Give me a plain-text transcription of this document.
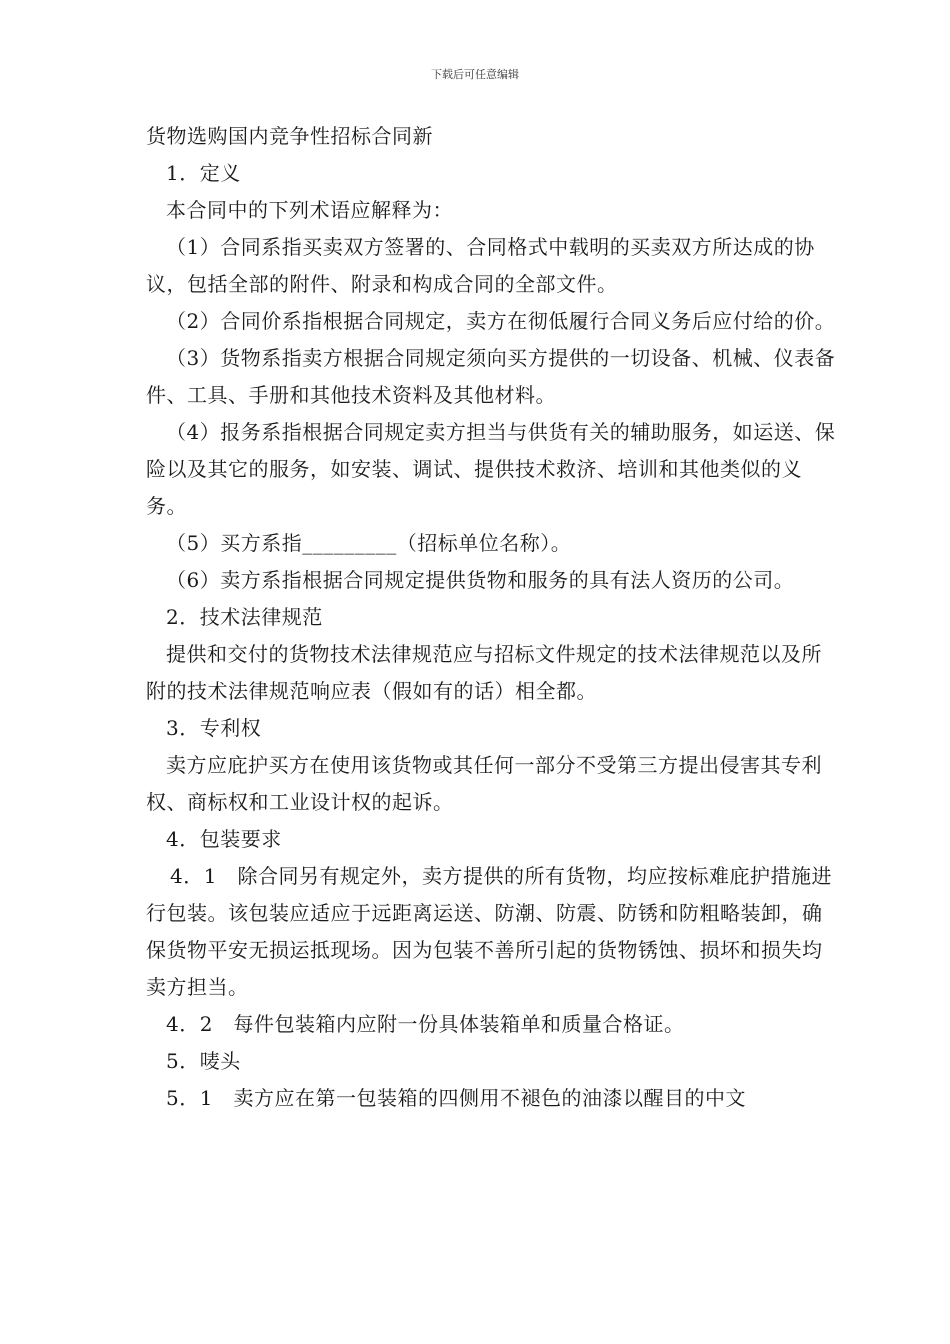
下载后可任意编辑

货物选购国内竞争性招标合同新

1．定义

本合同中的下列术语应解释为：

（1）合同系指买卖双方签署的、合同格式中载明的买卖双方所达成的协议，包括全部的附件、附录和构成合同的全部文件。

（2）合同价系指根据合同规定，卖方在彻低履行合同义务后应付给的价。

（3）货物系指卖方根据合同规定须向买方提供的一切设备、机械、仪表备件、工具、手册和其他技术资料及其他材料。

（4）报务系指根据合同规定卖方担当与供货有关的辅助服务，如运送、保险以及其它的服务，如安装、调试、提供技术救济、培训和其他类似的义务。

（5）买方系指_________（招标单位名称）。

（6）卖方系指根据合同规定提供货物和服务的具有法人资历的公司。

2．技术法律规范

提供和交付的货物技术法律规范应与招标文件规定的技术法律规范以及所附的技术法律规范响应表（假如有的话）相全都。

3．专利权

卖方应庇护买方在使用该货物或其任何一部分不受第三方提出侵害其专利权、商标权和工业设计权的起诉。

4．包装要求

4．1　除合同另有规定外，卖方提供的所有货物，均应按标难庇护措施进行包装。该包装应适应于远距离运送、防潮、防震、防锈和防粗略装卸，确保货物平安无损运抵现场。因为包装不善所引起的货物锈蚀、损坏和损失均卖方担当。

4．2　每件包装箱内应附一份具体装箱单和质量合格证。

5．唛头

5．1　卖方应在第一包装箱的四侧用不褪色的油漆以醒目的中文
